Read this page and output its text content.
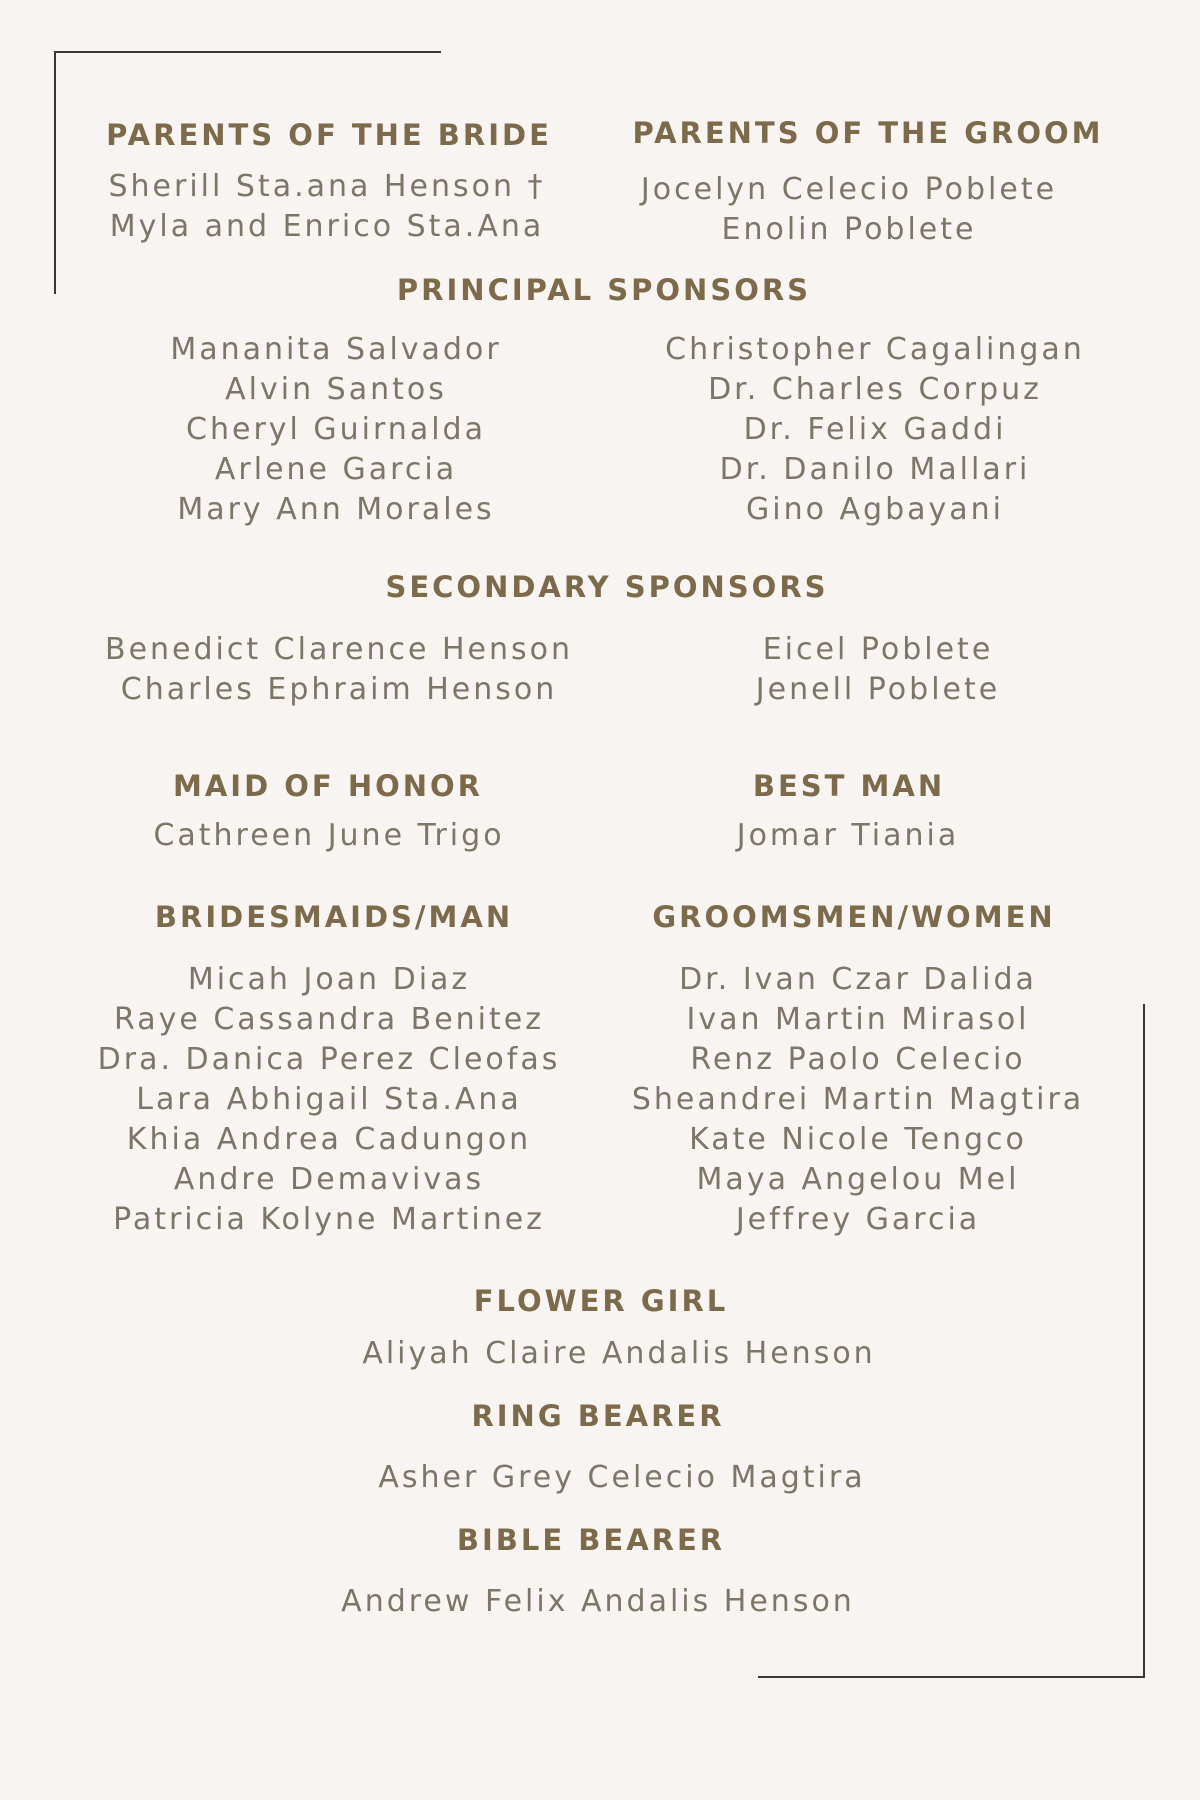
PARENTS OF THE BRIDE
Sherill Sta.ana Henson †
Myla and Enrico Sta.Ana
PARENTS OF THE GROOM
Jocelyn Celecio Poblete
Enolin Poblete
PRINCIPAL SPONSORS
Mananita Salvador
Alvin Santos
Cheryl Guirnalda
Arlene Garcia
Mary Ann Morales
Christopher Cagalingan
Dr. Charles Corpuz
Dr. Felix Gaddi
Dr. Danilo Mallari
Gino Agbayani
SECONDARY SPONSORS
Benedict Clarence Henson
Charles Ephraim Henson
Eicel Poblete
Jenell Poblete
MAID OF HONOR
Cathreen June Trigo
BEST MAN
Jomar Tiania
BRIDESMAIDS/MAN
Micah Joan Diaz
Raye Cassandra Benitez
Dra. Danica Perez Cleofas
Lara Abhigail Sta.Ana
Khia Andrea Cadungon
Andre Demavivas
Patricia Kolyne Martinez
GROOMSMEN/WOMEN
Dr. Ivan Czar Dalida
Ivan Martin Mirasol
Renz Paolo Celecio
Sheandrei Martin Magtira
Kate Nicole Tengco
Maya Angelou Mel
Jeffrey Garcia
FLOWER GIRL
Aliyah Claire Andalis Henson
RING BEARER
Asher Grey Celecio Magtira
BIBLE BEARER
Andrew Felix Andalis Henson
